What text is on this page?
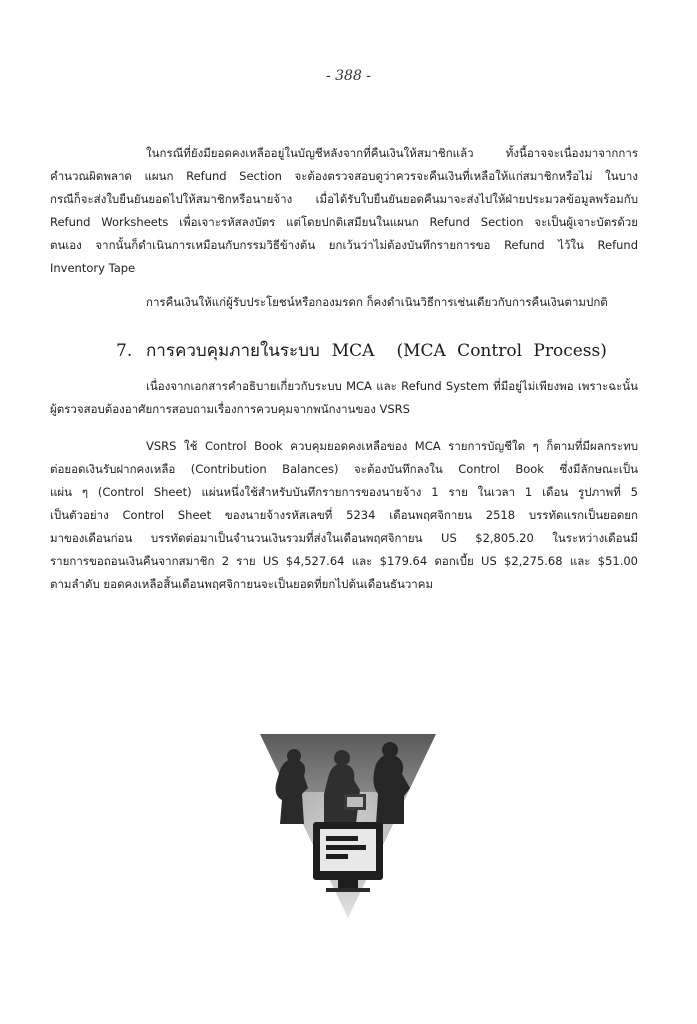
- 388 -
ในกรณีที่ยังมียอดคงเหลืออยู่ในบัญชีหลังจากที่คืนเงินให้สมาชิกแล้ว ทั้งนี้อาจจะเนื่องมาจากการ
คำนวณผิดพลาด แผนก Refund Section จะต้องตรวจสอบดูว่าควรจะคืนเงินที่เหลือให้แก่สมาชิกหรือไม่ ในบาง
กรณีก็จะส่งใบยืนยันยอดไปให้สมาชิกหรือนายจ้าง เมื่อได้รับใบยืนยันยอดคืนมาจะส่งไปให้ฝ่ายประมวลข้อมูลพร้อมกับ
Refund Worksheets เพื่อเจาะรหัสลงบัตร แต่โดยปกติเสมียนในแผนก Refund Section จะเป็นผู้เจาะบัตรด้วย
ตนเอง จากนั้นก็ดำเนินการเหมือนกับกรรมวิธีข้างต้น ยกเว้นว่าไม่ต้องบันทึกรายการขอ Refund ไว้ใน Refund
Inventory Tape
การคืนเงินให้แก่ผู้รับประโยชน์หรือกองมรดก ก็คงดำเนินวิธีการเช่นเดียวกับการคืนเงินตามปกติ
7. การควบคุมภายในระบบ MCA (MCA Control Process)
เนื่องจากเอกสารคำอธิบายเกี่ยวกับระบบ MCA และ Refund System ที่มีอยู่ไม่เพียงพอ เพราะฉะนั้น
ผู้ตรวจสอบต้องอาศัยการสอบถามเรื่องการควบคุมจากพนักงานของ VSRS
VSRS ใช้ Control Book ควบคุมยอดคงเหลือของ MCA รายการบัญชีใด ๆ ก็ตามที่มีผลกระทบ
ต่อยอดเงินรับฝากคงเหลือ (Contribution Balances) จะต้องบันทึกลงใน Control Book ซึ่งมีลักษณะเป็น
แผ่น ๆ (Control Sheet) แผ่นหนึ่งใช้สำหรับบันทึกรายการของนายจ้าง 1 ราย ในเวลา 1 เดือน รูปภาพที่ 5
เป็นตัวอย่าง Control Sheet ของนายจ้างรหัสเลขที่ 5234 เดือนพฤศจิกายน 2518 บรรทัดแรกเป็นยอดยก
มาของเดือนก่อน บรรทัดต่อมาเป็นจำนวนเงินรวมที่ส่งในเดือนพฤศจิกายน US $2,805.20 ในระหว่างเดือนมี
รายการขอถอนเงินคืนจากสมาชิก 2 ราย US $4,527.64 และ $179.64 ดอกเบี้ย US $2,275.68 และ $51.00
ตามลำดับ ยอดคงเหลือสิ้นเดือนพฤศจิกายนจะเป็นยอดที่ยกไปต้นเดือนธันวาคม
